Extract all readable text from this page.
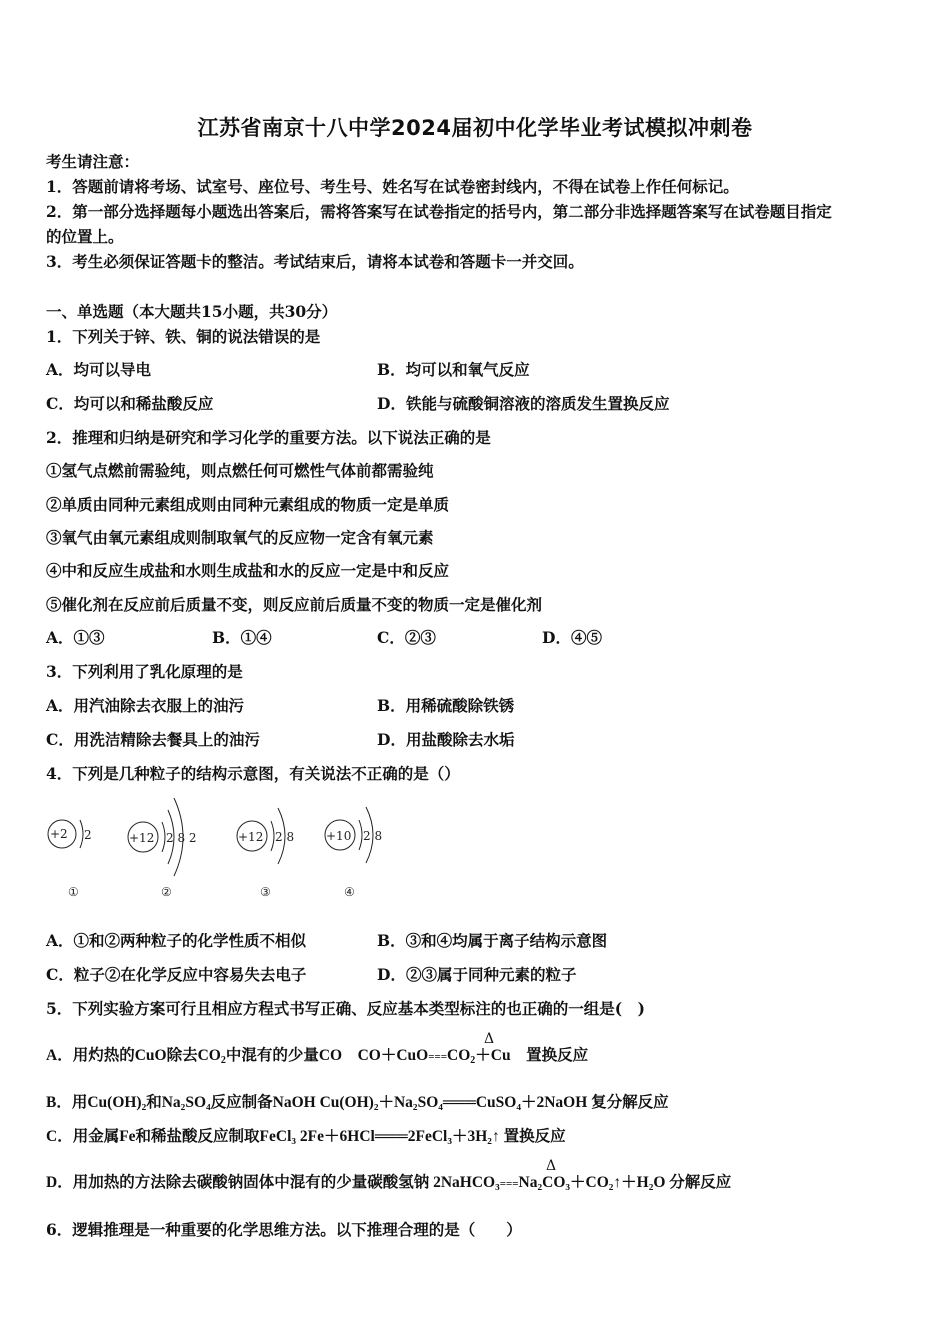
江苏省南京十八中学2024届初中化学毕业考试模拟冲刺卷
考生请注意：
1．答题前请将考场、试室号、座位号、考生号、姓名写在试卷密封线内，不得在试卷上作任何标记。
2．第一部分选择题每小题选出答案后，需将答案写在试卷指定的括号内，第二部分非选择题答案写在试卷题目指定
的位置上。
3．考生必须保证答题卡的整洁。考试结束后，请将本试卷和答题卡一并交回。
一、单选题（本大题共15小题，共30分）
1．下列关于锌、铁、铜的说法错误的是
A．均可以导电	B．均可以和氧气反应
C．均可以和稀盐酸反应	D．铁能与硫酸铜溶液的溶质发生置换反应
2．推理和归纳是研究和学习化学的重要方法。以下说法正确的是
①氢气点燃前需验纯，则点燃任何可燃性气体前都需验纯
②单质由同种元素组成则由同种元素组成的物质一定是单质
③氧气由氧元素组成则制取氧气的反应物一定含有氧元素
④中和反应生成盐和水则生成盐和水的反应一定是中和反应
⑤催化剂在反应前后质量不变，则反应前后质量不变的物质一定是催化剂
A．①③	B．①④	C．②③	D．④⑤
3．下列利用了乳化原理的是
A．用汽油除去衣服上的油污	B．用稀硫酸除铁锈
C．用洗洁精除去餐具上的油污	D．用盐酸除去水垢
4．下列是几种粒子的结构示意图，有关说法不正确的是（）
+2 2	+12 2 8 2	+12 2 8	+10 2 8
①	②	③	④
A．①和②两种粒子的化学性质不相似	B．③和④均属于离子结构示意图
C．粒子②在化学反应中容易失去电子	D．②③属于同种元素的粒子
5．下列实验方案可行且相应方程式书写正确、反应基本类型标注的也正确的一组是(　)
Δ
A．用灼热的CuO除去$CO_2$中混有的少量CO　$CO+CuO===CO_2+Cu$　置换反应
B．用Cu(OH)₂和Na₂SO₄反应制备NaOH Cu(OH)₂＋Na₂SO₄═══CuSO₄＋2NaOH 复分解反应
C．用金属Fe和稀盐酸反应制取FeCl₃ 2Fe＋6HCl═══2FeCl₃＋3H₂↑ 置换反应
Δ
D．用加热的方法除去碳酸钠固体中混有的少量碳酸氢钠 2NaHCO₃===Na₂CO₃＋CO₂↑＋H₂O 分解反应
6．逻辑推理是一种重要的化学思维方法。以下推理合理的是（　　）
